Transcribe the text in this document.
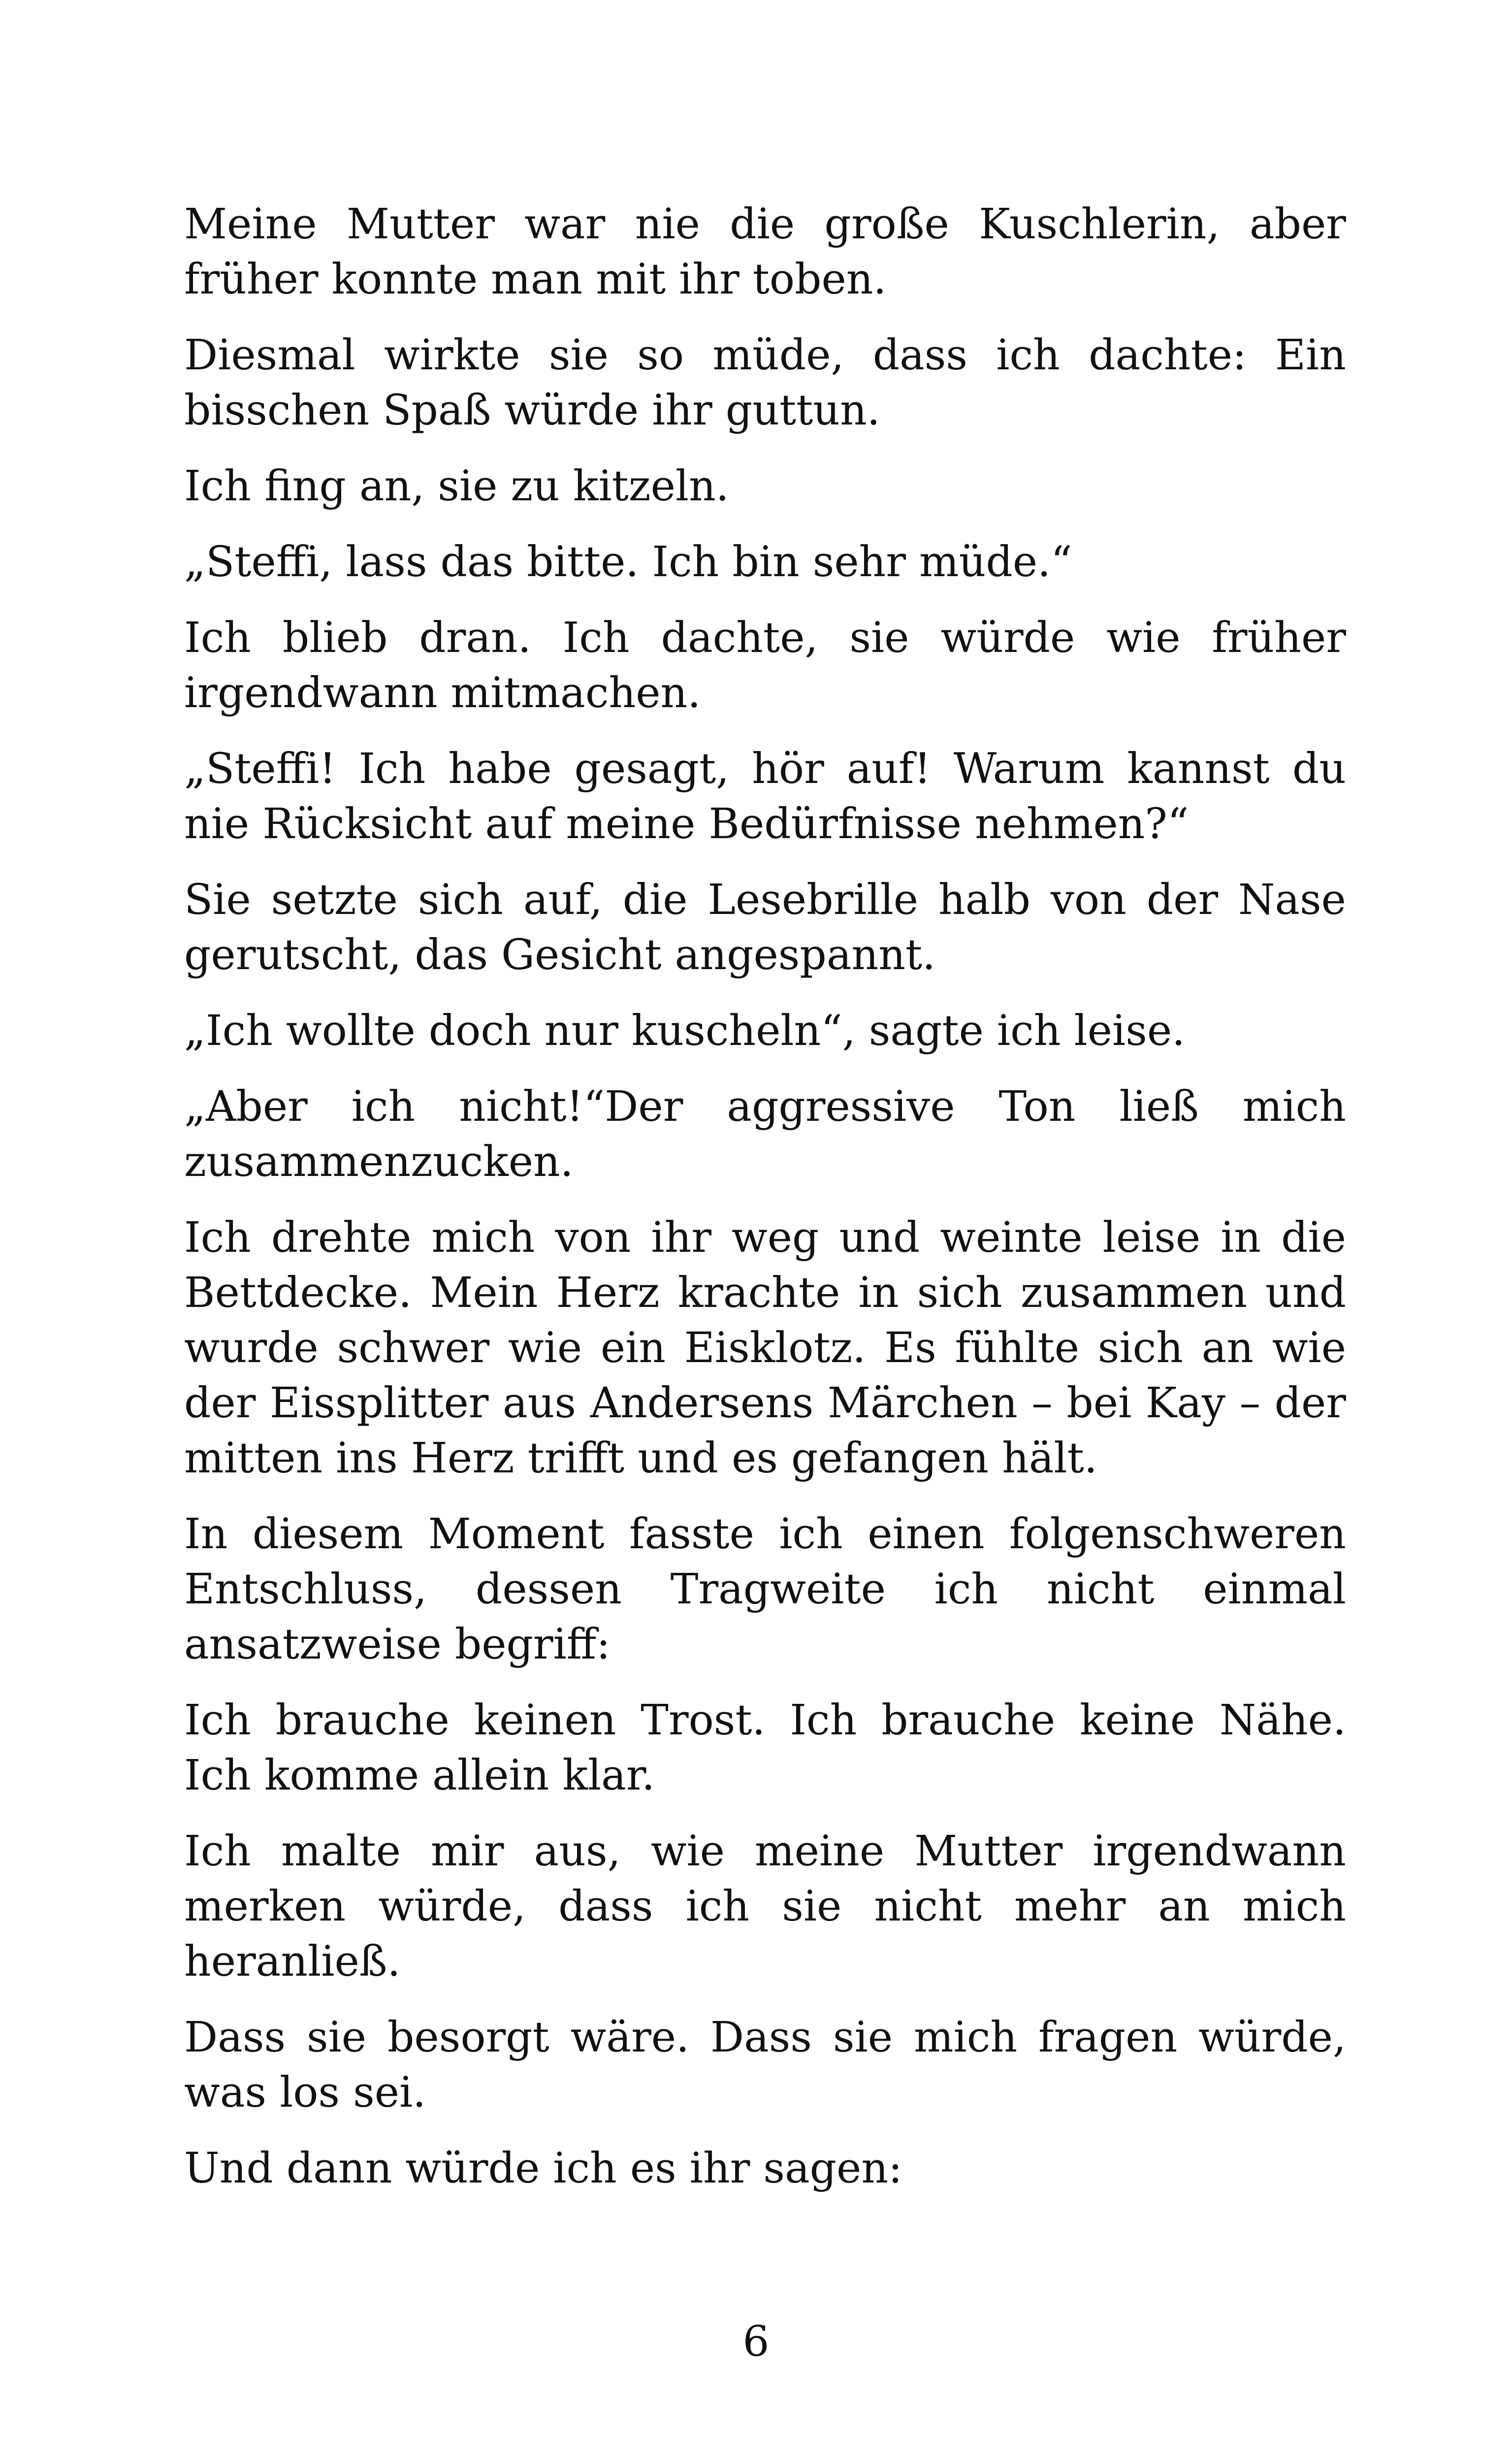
Meine Mutter war nie die große Kuschlerin, aber früher konnte man mit ihr toben.

Diesmal wirkte sie so müde, dass ich dachte: Ein bisschen Spaß würde ihr guttun.

Ich fing an, sie zu kitzeln.

„Steffi, lass das bitte. Ich bin sehr müde.“

Ich blieb dran. Ich dachte, sie würde wie früher irgendwann mitmachen.

„Steffi! Ich habe gesagt, hör auf! Warum kannst du nie Rücksicht auf meine Bedürfnisse nehmen?“

Sie setzte sich auf, die Lesebrille halb von der Nase gerutscht, das Gesicht angespannt.

„Ich wollte doch nur kuscheln“, sagte ich leise.

„Aber ich nicht!“Der aggressive Ton ließ mich zusammenzucken.

Ich drehte mich von ihr weg und weinte leise in die Bettdecke. Mein Herz krachte in sich zusammen und wurde schwer wie ein Eisklotz. Es fühlte sich an wie der Eissplitter aus Andersens Märchen – bei Kay – der mitten ins Herz trifft und es gefangen hält.

In diesem Moment fasste ich einen folgenschweren Entschluss, dessen Tragweite ich nicht einmal ansatzweise begriff:

Ich brauche keinen Trost. Ich brauche keine Nähe. Ich komme allein klar.

Ich malte mir aus, wie meine Mutter irgendwann merken würde, dass ich sie nicht mehr an mich heranließ.

Dass sie besorgt wäre. Dass sie mich fragen würde, was los sei.

Und dann würde ich es ihr sagen:

6
